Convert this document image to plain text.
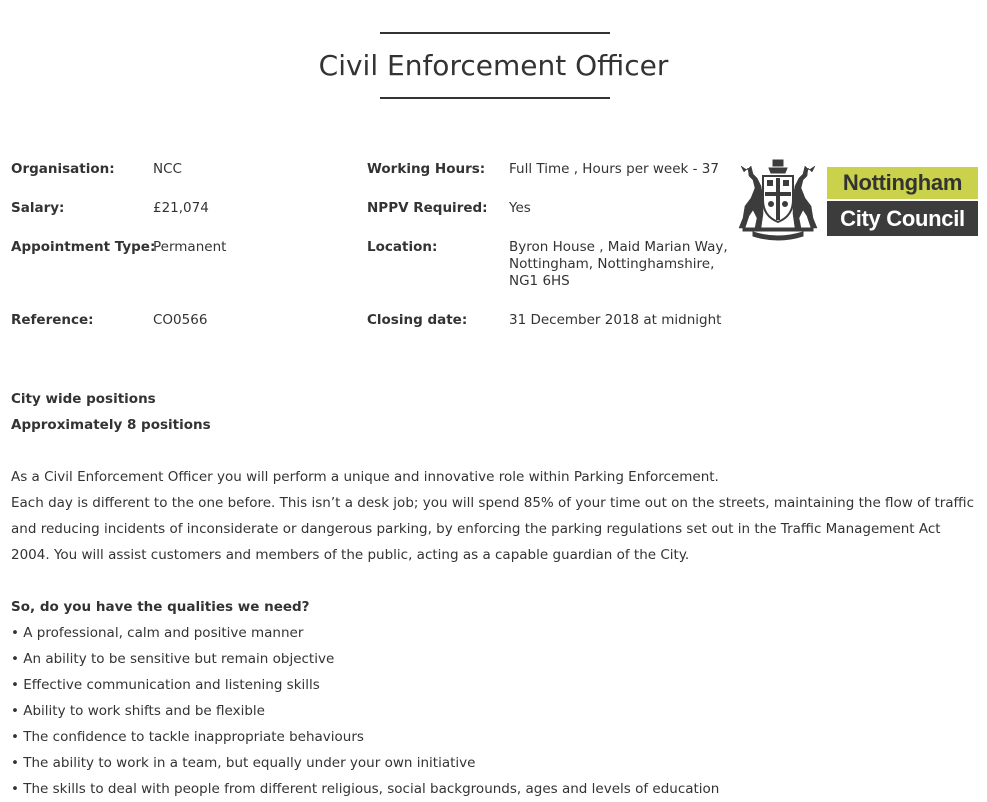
Civil Enforcement Officer
Organisation:	NCC
Salary:	£21,074
Appointment Type:
Permanent
Reference:	CO0566
Working Hours: Full Time , Hours per week - 37
NPPV Required: Yes
Location:	Byron House , Maid Marian Way,
Nottingham, Nottinghamshire,
NG1 6HS
Closing date:	31 December 2018 at midnight
Nottingham
City Council
City wide positions
Approximately 8 positions
As a Civil Enforcement Officer you will perform a unique and innovative role within Parking Enforcement.
Each day is different to the one before. This isn’t a desk job; you will spend 85% of your time out on the streets, maintaining the flow of traffic and reducing incidents of inconsiderate or dangerous parking, by enforcing the parking regulations set out in the Traffic Management Act 2004. You will assist customers and members of the public, acting as a capable guardian of the City.
So, do you have the qualities we need?
• A professional, calm and positive manner
• An ability to be sensitive but remain objective
• Effective communication and listening skills
• Ability to work shifts and be flexible
• The confidence to tackle inappropriate behaviours
• The ability to work in a team, but equally under your own initiative
• The skills to deal with people from different religious, social backgrounds, ages and levels of education
